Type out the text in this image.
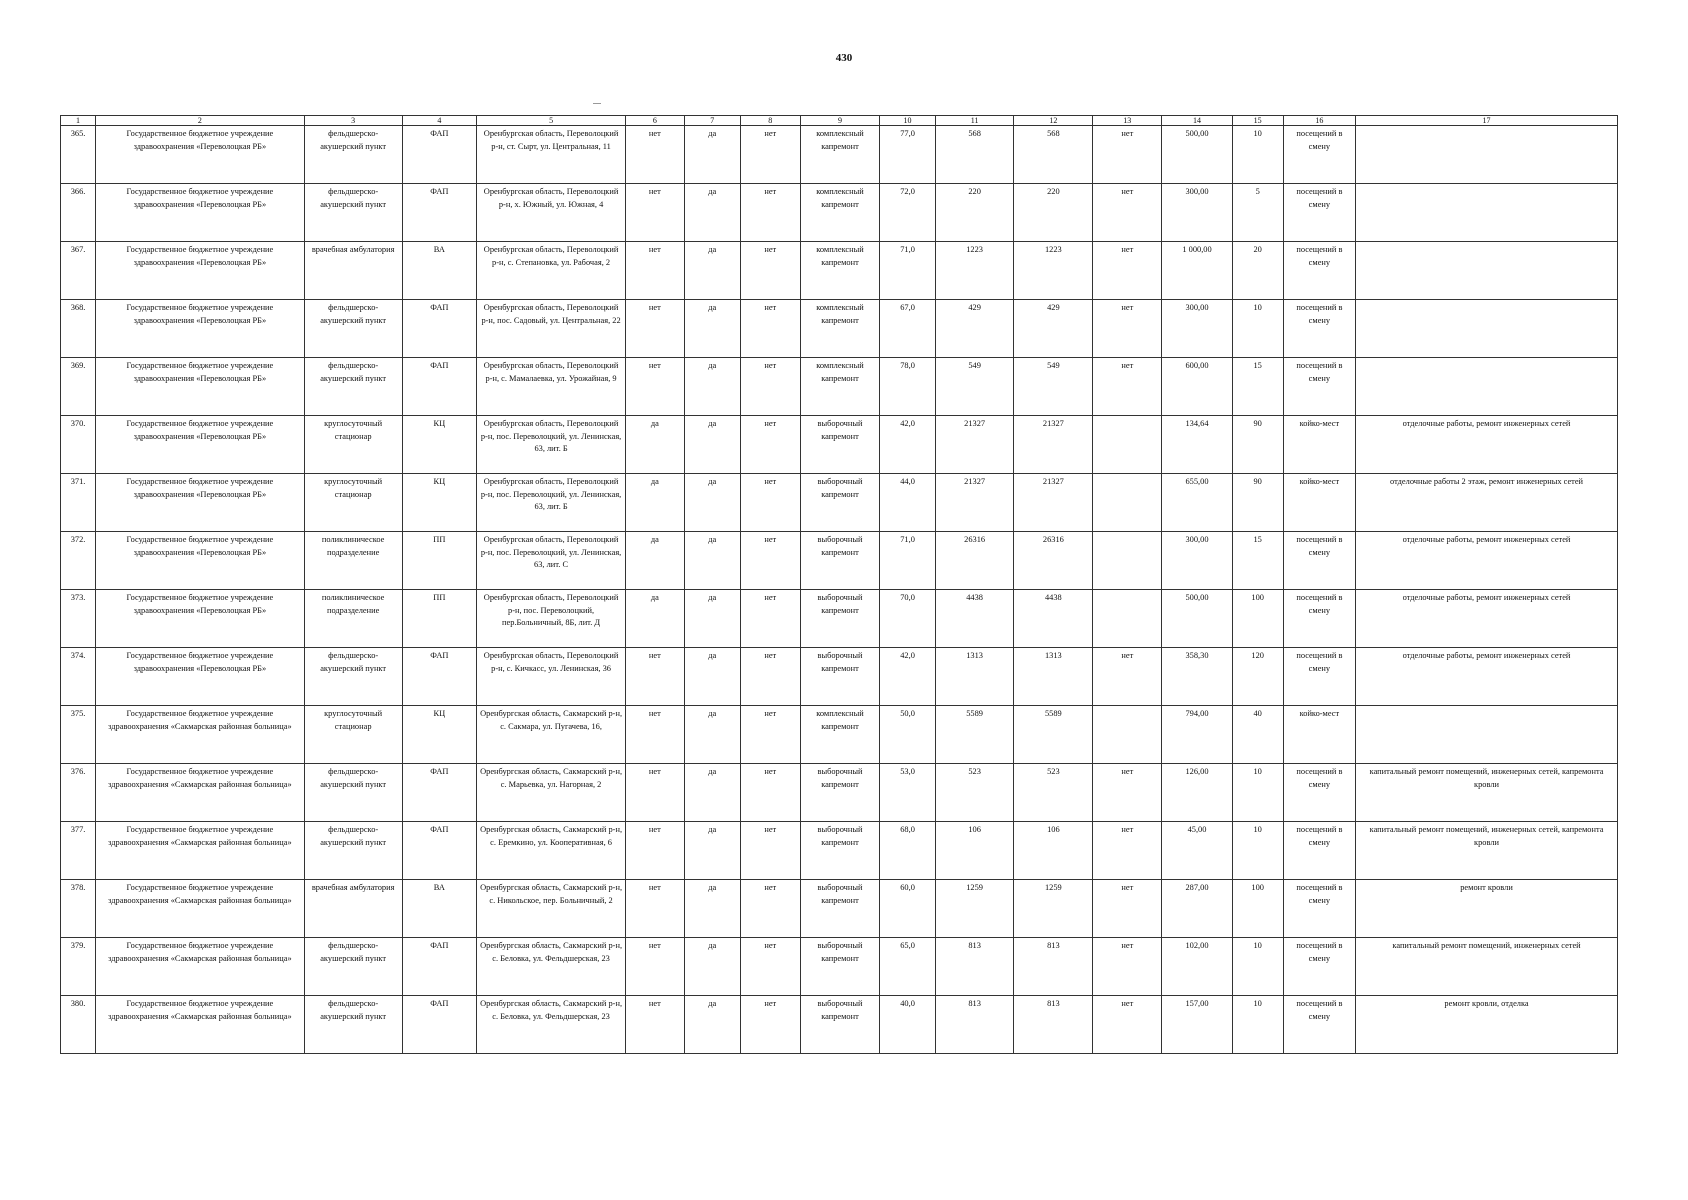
430
1	2	3	4	5	6	7	8	9	10	11	12	13	14	15	16	17
365.	Государственное бюджетное учреждение здравоохранения «Переволоцкая РБ»	фельдшерско-акушерский пункт	ФАП	Оренбургская область, Переволоцкий р-н, ст. Сырт, ул. Центральная, 11	нет	да	нет	комплексный капремонт	77,0	568	568	нет	500,00	10	посещений в смену	
366.	Государственное бюджетное учреждение здравоохранения «Переволоцкая РБ»	фельдшерско-акушерский пункт	ФАП	Оренбургская область, Переволоцкий р-н, х. Южный, ул. Южная, 4	нет	да	нет	комплексный капремонт	72,0	220	220	нет	300,00	5	посещений в смену	
367.	Государственное бюджетное учреждение здравоохранения «Переволоцкая РБ»	врачебная амбулатория	ВА	Оренбургская область, Переволоцкий р-н, с. Степановка, ул. Рабочая, 2	нет	да	нет	комплексный капремонт	71,0	1223	1223	нет	1 000,00	20	посещений в смену	
368.	Государственное бюджетное учреждение здравоохранения «Переволоцкая РБ»	фельдшерско-акушерский пункт	ФАП	Оренбургская область, Переволоцкий р-н, пос. Садовый, ул. Центральная, 22	нет	да	нет	комплексный капремонт	67,0	429	429	нет	300,00	10	посещений в смену	
369.	Государственное бюджетное учреждение здравоохранения «Переволоцкая РБ»	фельдшерско-акушерский пункт	ФАП	Оренбургская область, Переволоцкий р-н, с. Мамалаевка, ул. Урожайная, 9	нет	да	нет	комплексный капремонт	78,0	549	549	нет	600,00	15	посещений в смену	
370.	Государственное бюджетное учреждение здравоохранения «Переволоцкая РБ»	круглосуточный стационар	КЦ	Оренбургская область, Переволоцкий р-н, пос. Переволоцкий, ул. Ленинская, 63, лит. Б	да	да	нет	выборочный капремонт	42,0	21327	21327		134,64	90	койко-мест	отделочные работы, ремонт инженерных сетей
371.	Государственное бюджетное учреждение здравоохранения «Переволоцкая РБ»	круглосуточный стационар	КЦ	Оренбургская область, Переволоцкий р-н, пос. Переволоцкий, ул. Ленинская, 63, лит. Б	да	да	нет	выборочный капремонт	44,0	21327	21327		655,00	90	койко-мест	отделочные работы 2 этаж, ремонт инженерных сетей
372.	Государственное бюджетное учреждение здравоохранения «Переволоцкая РБ»	поликлиническое подразделение	ПП	Оренбургская область, Переволоцкий р-н, пос. Переволоцкий, ул. Ленинская, 63, лит. С	да	да	нет	выборочный капремонт	71,0	26316	26316		300,00	15	посещений в смену	отделочные работы, ремонт инженерных сетей
373.	Государственное бюджетное учреждение здравоохранения «Переволоцкая РБ»	поликлиническое подразделение	ПП	Оренбургская область, Переволоцкий р-н, пос. Переволоцкий, пер.Больничный, 8Б, лит. Д	да	да	нет	выборочный капремонт	70,0	4438	4438		500,00	100	посещений в смену	отделочные работы, ремонт инженерных сетей
374.	Государственное бюджетное учреждение здравоохранения «Переволоцкая РБ»	фельдшерско-акушерский пункт	ФАП	Оренбургская область, Переволоцкий р-н, с. Кичкасс, ул. Ленинская, 36	нет	да	нет	выборочный капремонт	42,0	1313	1313	нет	358,30	120	посещений в смену	отделочные работы, ремонт инженерных сетей
375.	Государственное бюджетное учреждение здравоохранения «Сакмарская районная больница»	круглосуточный стационар	КЦ	Оренбургская область, Сакмарский р-н, с. Сакмара, ул. Пугачева, 16,	нет	да	нет	комплексный капремонт	50,0	5589	5589		794,00	40	койко-мест	
376.	Государственное бюджетное учреждение здравоохранения «Сакмарская районная больница»	фельдшерско-акушерский пункт	ФАП	Оренбургская область, Сакмарский р-н, с. Марьевка, ул. Нагорная, 2	нет	да	нет	выборочный капремонт	53,0	523	523	нет	126,00	10	посещений в смену	капитальный ремонт помещений, инженерных сетей, капремонта кровли
377.	Государственное бюджетное учреждение здравоохранения «Сакмарская районная больница»	фельдшерско-акушерский пункт	ФАП	Оренбургская область, Сакмарский р-н, с. Еремкино, ул. Кооперативная, 6	нет	да	нет	выборочный капремонт	68,0	106	106	нет	45,00	10	посещений в смену	капитальный ремонт помещений, инженерных сетей, капремонта кровли
378.	Государственное бюджетное учреждение здравоохранения «Сакмарская районная больница»	врачебная амбулатория	ВА	Оренбургская область, Сакмарский р-н, с. Никольское, пер. Больничный, 2	нет	да	нет	выборочный капремонт	60,0	1259	1259	нет	287,00	100	посещений в смену	ремонт кровли
379.	Государственное бюджетное учреждение здравоохранения «Сакмарская районная больница»	фельдшерско-акушерский пункт	ФАП	Оренбургская область, Сакмарский р-н, с. Беловка, ул. Фельдшерская, 23	нет	да	нет	выборочный капремонт	65,0	813	813	нет	102,00	10	посещений в смену	капитальный ремонт помещений, инженерных сетей
380.	Государственное бюджетное учреждение здравоохранения «Сакмарская районная больница»	фельдшерско-акушерский пункт	ФАП	Оренбургская область, Сакмарский р-н, с. Беловка, ул. Фельдшерская, 23	нет	да	нет	выборочный капремонт	40,0	813	813	нет	157,00	10	посещений в смену	ремонт кровли, отделка
